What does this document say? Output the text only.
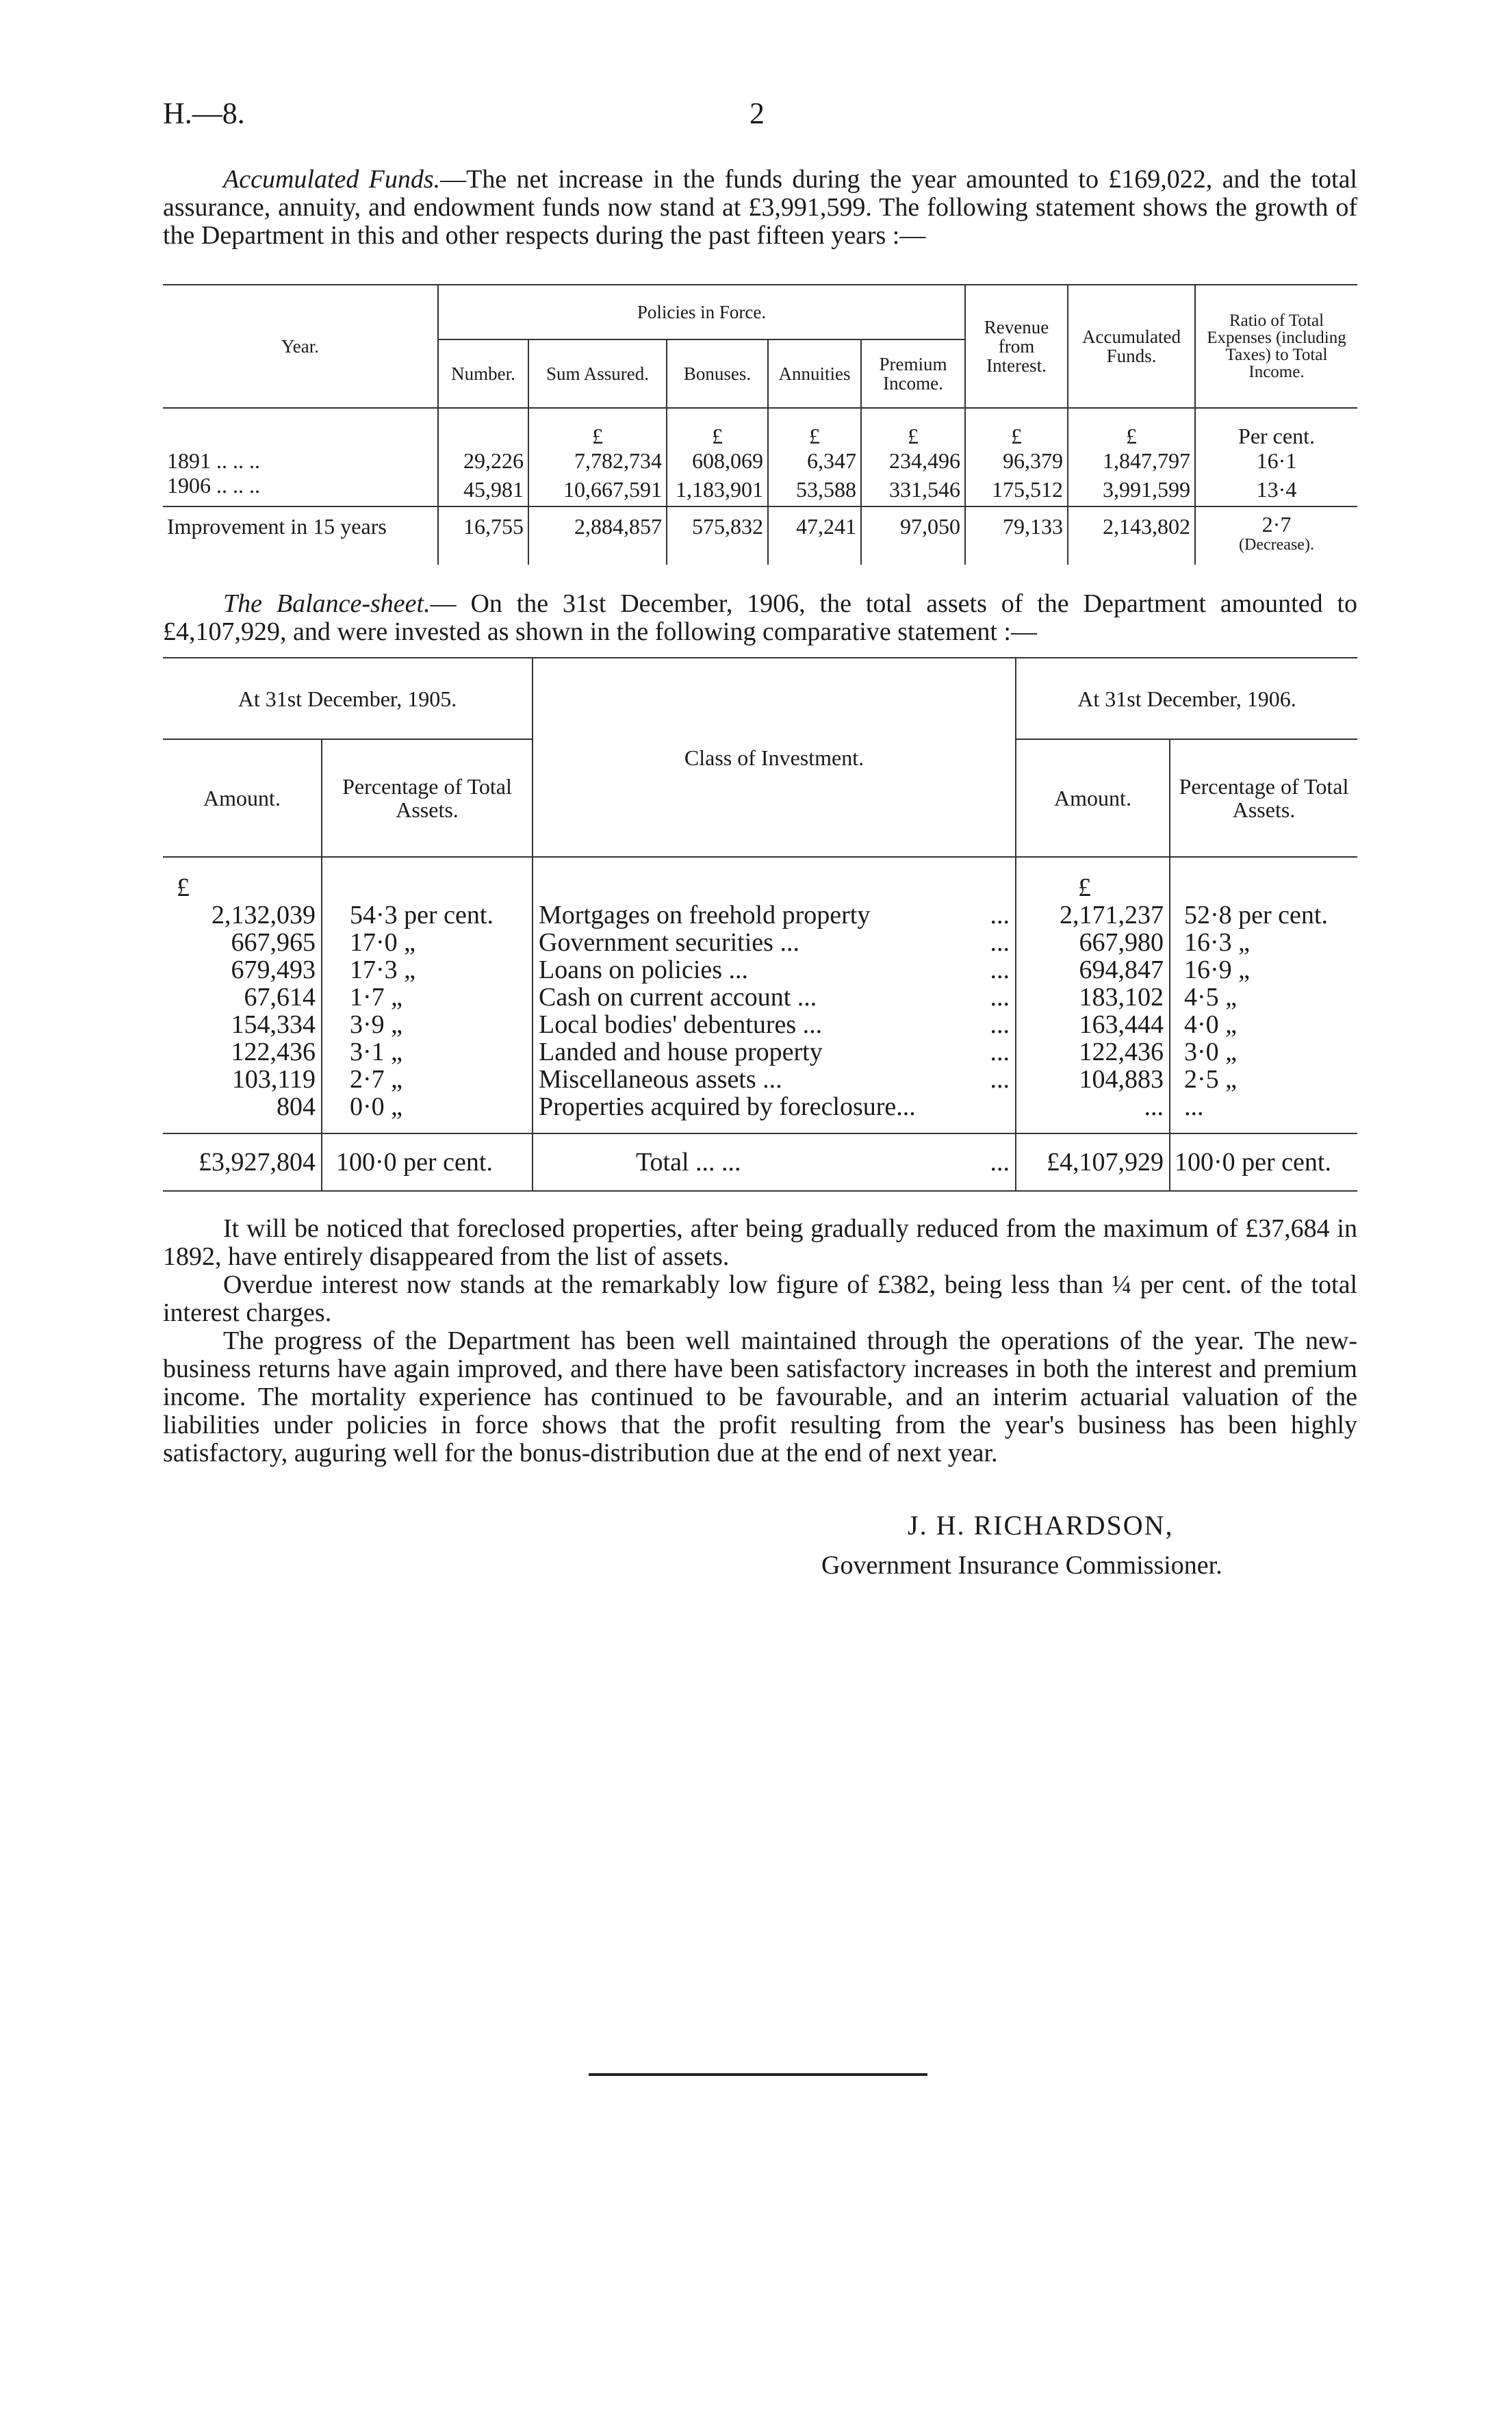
H.—8.	2
Accumulated Funds.—The net increase in the funds during the year amounted to £169,022, and the total assurance, annuity, and endowment funds now stand at £3,991,599. The following statement shows the growth of the Department in this and other respects during the past fifteen years :—
Year.	Policies in Force.					Revenue from Interest.	Accumulated Funds.	Ratio of Total Expenses (including Taxes) to Total Income.
	Number.	Sum Assured.	Bonuses.	Annuities	Premium Income.			
		£	£	£	£	£	£	Per cent.
1891 .. .. ..	29,226	7,782,734	608,069	6,347	234,496	96,379	1,847,797	16·1
1906 .. .. ..	45,981	10,667,591	1,183,901	53,588	331,546	175,512	3,991,599	13·4
Improvement in 15 years	16,755	2,884,857	575,832	47,241	97,050	79,133	2,143,802	2·7
(Decrease).
The Balance-sheet.— On the 31st December, 1906, the total assets of the Department amounted to £4,107,929, and were invested as shown in the following comparative statement :—
At 31st December, 1905.		Class of Investment.	At 31st December, 1906.	
Amount.	Percentage of Total Assets.		Amount.	Percentage of Total Assets.
£			£	
2,132,039	54·3 per cent.	Mortgages on freehold property ...	2,171,237	52·8 per cent.
667,965	17·0 „	Government securities ... ...	667,980	16·3 „
679,493	17·3 „	Loans on policies ... ...	694,847	16·9 „
67,614	1·7 „	Cash on current account ... ...	183,102	4·5 „
154,334	3·9 „	Local bodies' debentures ... ...	163,444	4·0 „
122,436	3·1 „	Landed and house property ...	122,436	3·0 „
103,119	2·7 „	Miscellaneous assets ... ...	104,883	2·5 „
804	0·0 „	Properties acquired by foreclosure...	...	...
£3,927,804	100·0 per cent.	Total ... ... ...	£4,107,929	100·0 per cent.
It will be noticed that foreclosed properties, after being gradually reduced from the maximum of £37,684 in 1892, have entirely disappeared from the list of assets.
Overdue interest now stands at the remarkably low figure of £382, being less than ¼ per cent. of the total interest charges.
The progress of the Department has been well maintained through the operations of the year. The new-business returns have again improved, and there have been satisfactory increases in both the interest and premium income. The mortality experience has continued to be favourable, and an interim actuarial valuation of the liabilities under policies in force shows that the profit resulting from the year's business has been highly satisfactory, auguring well for the bonus-distribution due at the end of next year.
J. H. RICHARDSON,
Government Insurance Commissioner.
